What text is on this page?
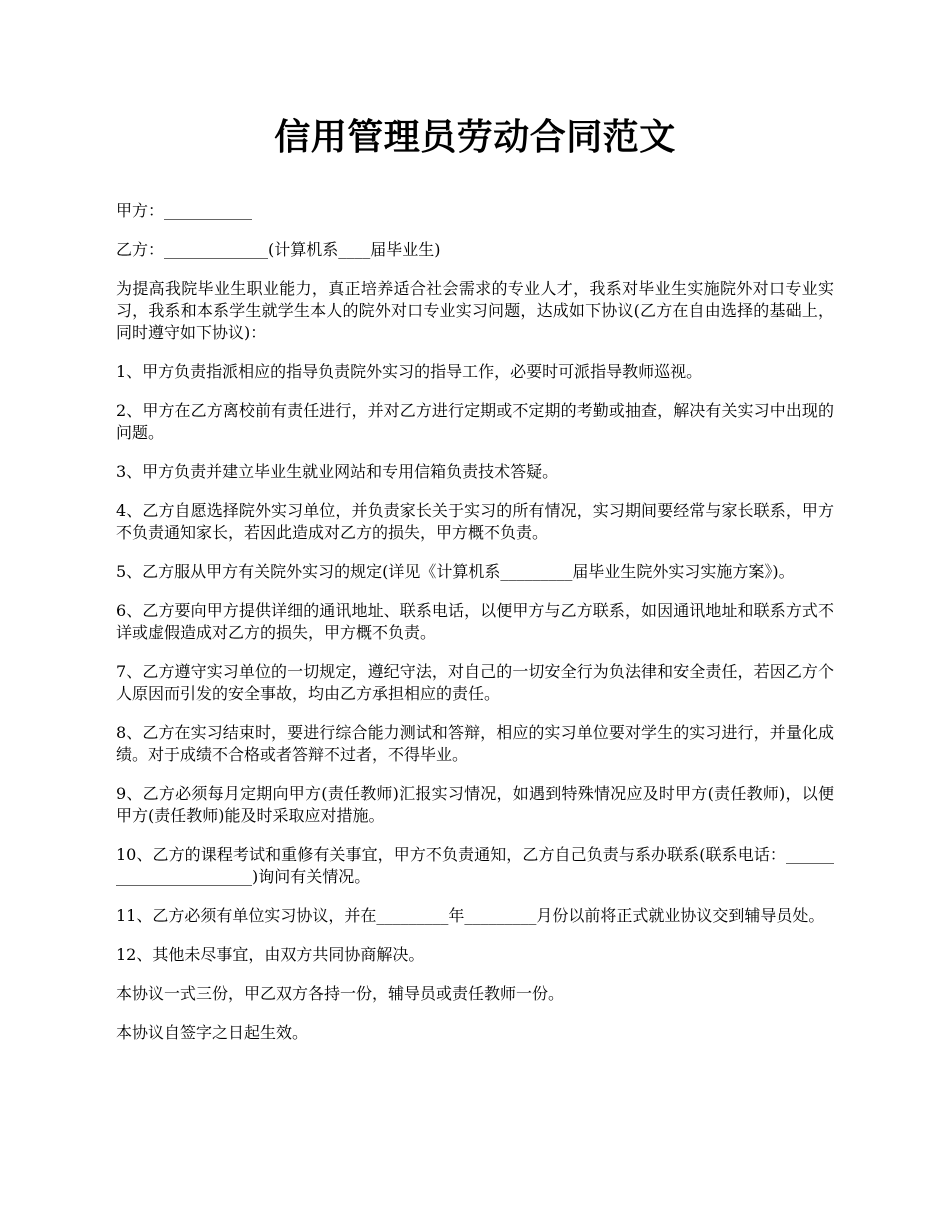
信用管理员劳动合同范文

甲方：___________

乙方：_____________(计算机系____届毕业生)

为提高我院毕业生职业能力，真正培养适合社会需求的专业人才，我系对毕业生实施院外对口专业实习，我系和本系学生就学生本人的院外对口专业实习问题，达成如下协议(乙方在自由选择的基础上，同时遵守如下协议)：

1、甲方负责指派相应的指导负责院外实习的指导工作，必要时可派指导教师巡视。

2、甲方在乙方离校前有责任进行，并对乙方进行定期或不定期的考勤或抽查，解决有关实习中出现的问题。

3、甲方负责并建立毕业生就业网站和专用信箱负责技术答疑。

4、乙方自愿选择院外实习单位，并负责家长关于实习的所有情况，实习期间要经常与家长联系，甲方不负责通知家长，若因此造成对乙方的损失，甲方概不负责。

5、乙方服从甲方有关院外实习的规定(详见《计算机系_________届毕业生院外实习实施方案》)。

6、乙方要向甲方提供详细的通讯地址、联系电话，以便甲方与乙方联系，如因通讯地址和联系方式不详或虚假造成对乙方的损失，甲方概不负责。

7、乙方遵守实习单位的一切规定，遵纪守法，对自己的一切安全行为负法律和安全责任，若因乙方个人原因而引发的安全事故，均由乙方承担相应的责任。

8、乙方在实习结束时，要进行综合能力测试和答辩，相应的实习单位要对学生的实习进行，并量化成绩。对于成绩不合格或者答辩不过者，不得毕业。

9、乙方必须每月定期向甲方(责任教师)汇报实习情况，如遇到特殊情况应及时甲方(责任教师)，以便甲方(责任教师)能及时采取应对措施。

10、乙方的课程考试和重修有关事宜，甲方不负责通知，乙方自己负责与系办联系(联系电话：_______________________)询问有关情况。

11、乙方必须有单位实习协议，并在_________年_________月份以前将正式就业协议交到辅导员处。

12、其他未尽事宜，由双方共同协商解决。

本协议一式三份，甲乙双方各持一份，辅导员或责任教师一份。

本协议自签字之日起生效。
